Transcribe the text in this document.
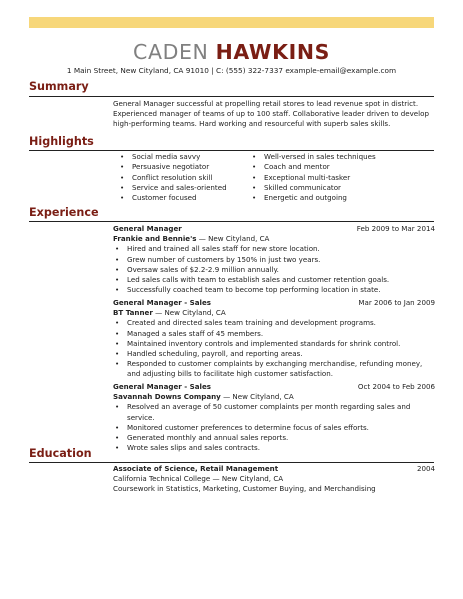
CADEN HAWKINS
1 Main Street, New Cityland, CA 91010 | C: (555) 322-7337 example-email@example.com
Summary

General Manager successful at propelling retail stores to lead revenue spot in district. Experienced manager of teams of up to 100 staff. Collaborative leader driven to develop high-performing teams. Hard working and resourceful with superb sales skills.

Highlights
• Social media savvy
• Persuasive negotiator
• Conflict resolution skill
• Service and sales-oriented
• Customer focused
• Well-versed in sales techniques
• Coach and mentor
• Exceptional multi-tasker
• Skilled communicator
• Energetic and outgoing
Experience
General Manager	Feb 2009 to Mar 2014
Frankie and Bennie's — New Cityland, CA
• Hired and trained all sales staff for new store location.
• Grew number of customers by 150% in just two years.
• Oversaw sales of $2.2-2.9 million annually.
• Led sales calls with team to establish sales and customer retention goals.
• Successfully coached team to become top performing location in state.
General Manager - Sales	Mar 2006 to Jan 2009
BT Tanner — New Cityland, CA
• Created and directed sales team training and development programs.
• Managed a sales staff of 45 members.
• Maintained inventory controls and implemented standards for shrink control.
• Handled scheduling, payroll, and reporting areas.
• Responded to customer complaints by exchanging merchandise, refunding money, and adjusting bills to facilitate high customer satisfaction.
General Manager - Sales	Oct 2004 to Feb 2006
Savannah Downs Company — New Cityland, CA
• Resolved an average of 50 customer complaints per month regarding sales and service.
• Monitored customer preferences to determine focus of sales efforts.
• Generated monthly and annual sales reports.
• Wrote sales slips and sales contracts.
Education
Associate of Science, Retail Management	2004
California Technical College — New Cityland, CA
Coursework in Statistics, Marketing, Customer Buying, and Merchandising
